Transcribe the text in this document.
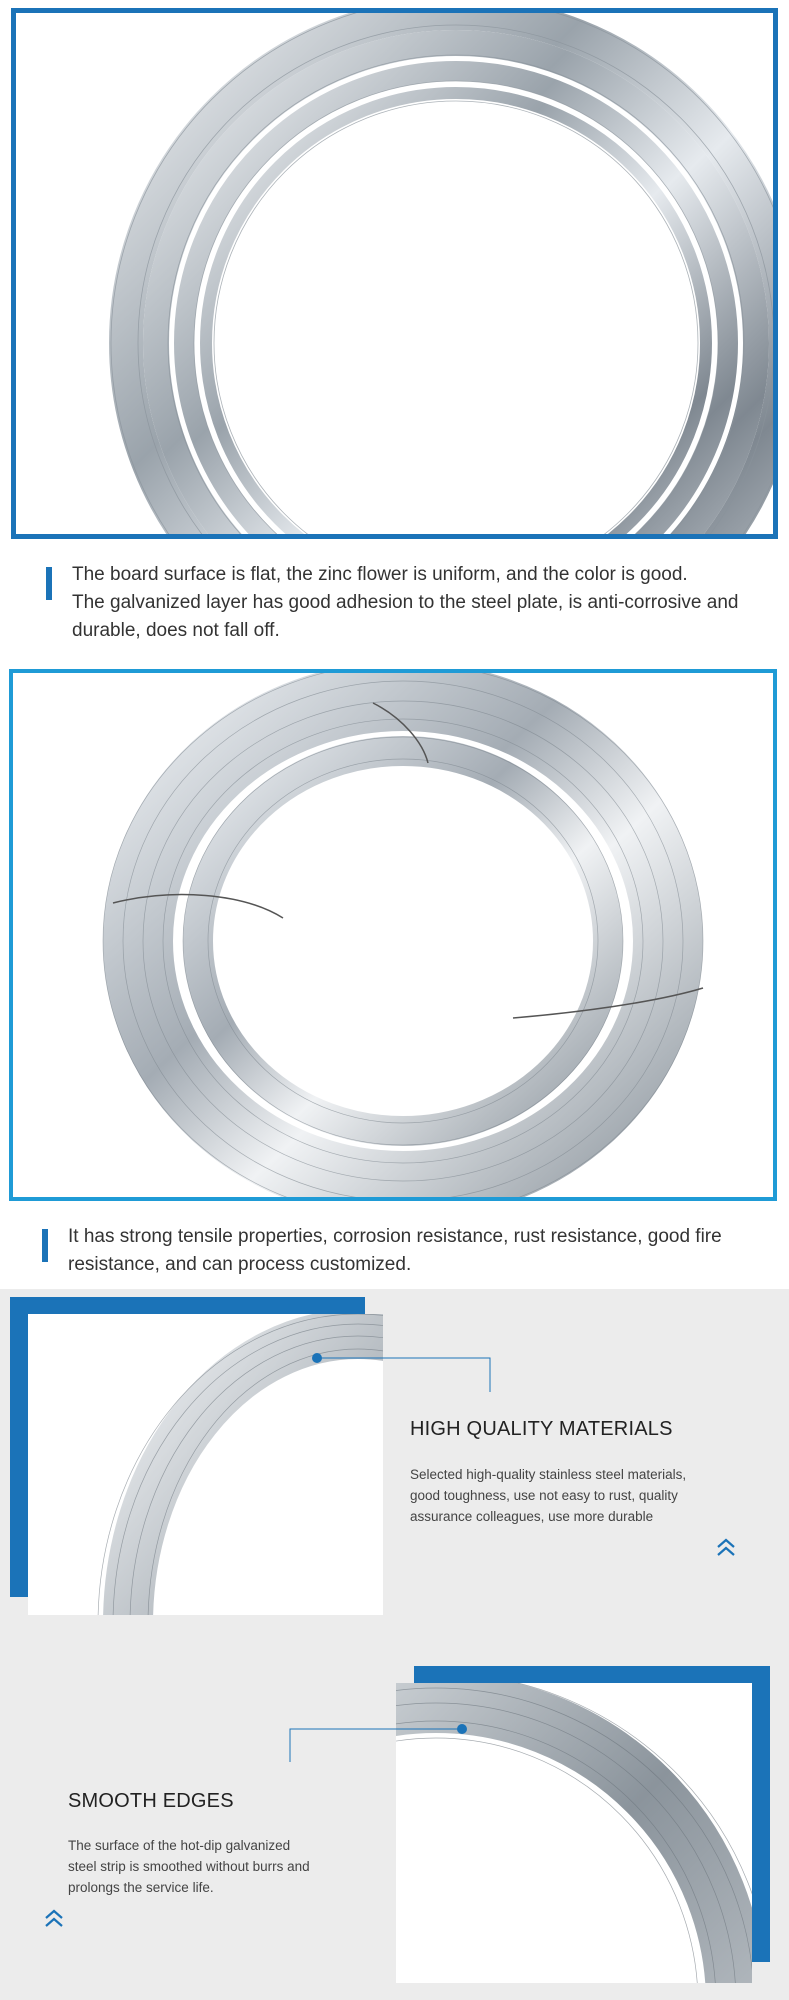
The board surface is flat, the zinc flower is uniform, and the color is good.
The galvanized layer has good adhesion to the steel plate, is anti-corrosive and
durable, does not fall off.
It has strong tensile properties, corrosion resistance, rust resistance, good fire
resistance, and can process customized.
HIGH QUALITY MATERIALS
Selected high-quality stainless steel materials,
good toughness, use not easy to rust, quality
assurance colleagues, use more durable
SMOOTH EDGES
The surface of the hot-dip galvanized
steel strip is smoothed without burrs and
prolongs the service life.
